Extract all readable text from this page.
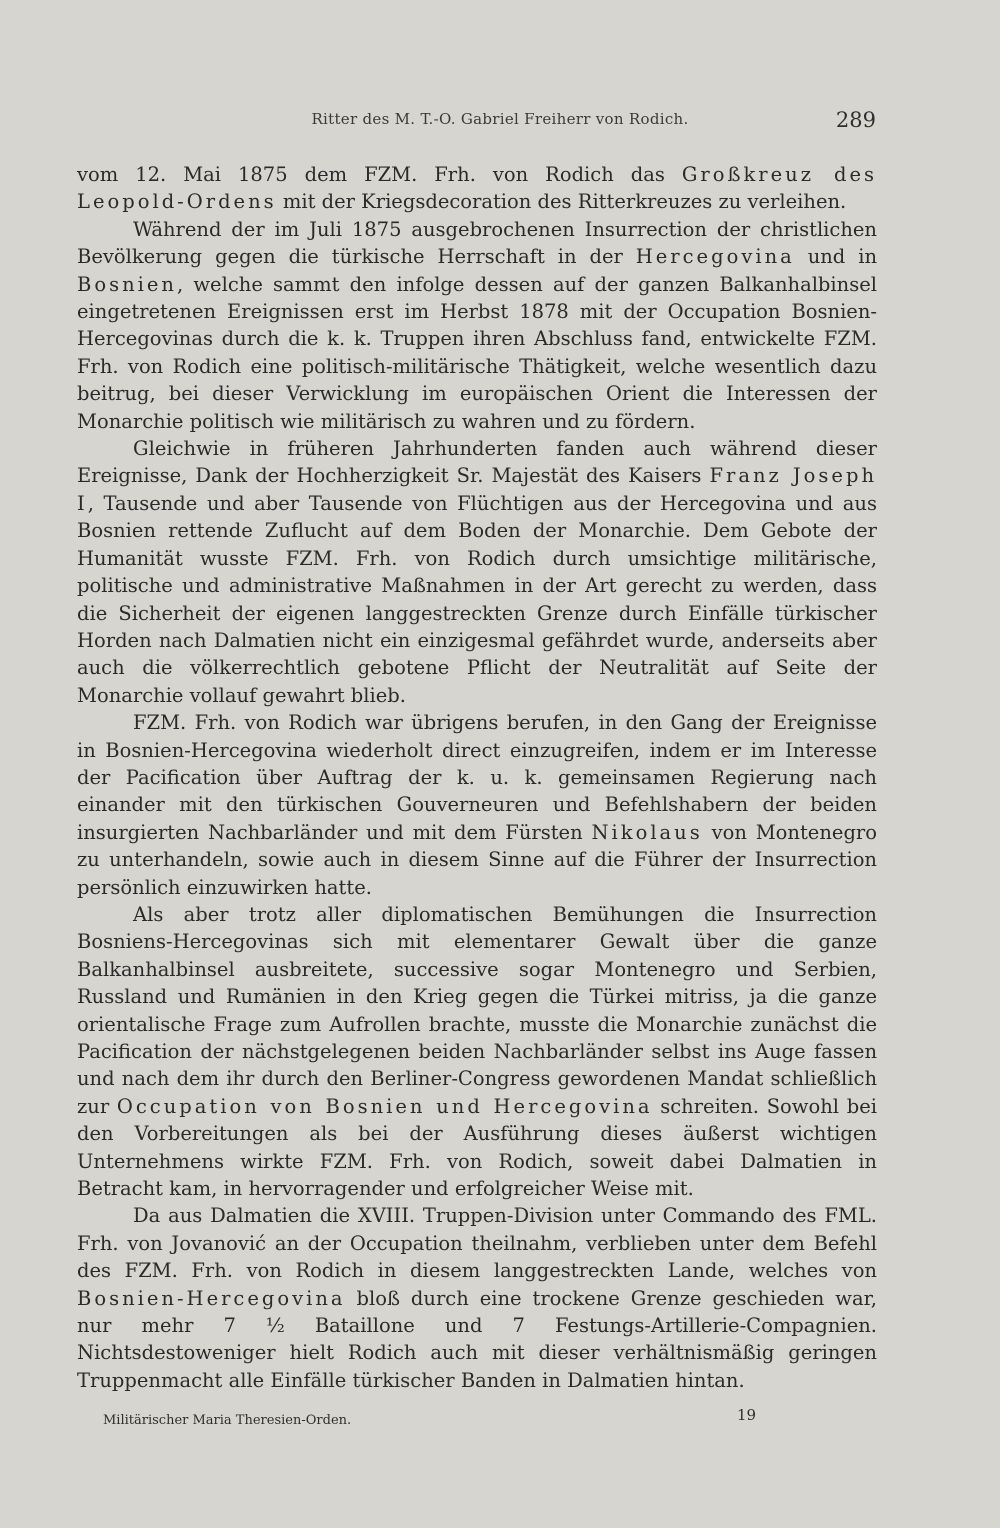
Ritter des M. T.-O. Gabriel Freiherr von Rodich.	289

vom 12. Mai 1875 dem FZM. Frh. von Rodich das Großkreuz des Leopold-Ordens mit der Kriegsdecoration des Ritterkreuzes zu verleihen.

Während der im Juli 1875 ausgebrochenen Insurrection der christlichen Bevölkerung gegen die türkische Herrschaft in der Hercegovina und in Bosnien, welche sammt den infolge dessen auf der ganzen Balkanhalbinsel eingetretenen Ereignissen erst im Herbst 1878 mit der Occupation Bosnien-Hercegovinas durch die k. k. Truppen ihren Abschluss fand, entwickelte FZM. Frh. von Rodich eine politisch-militärische Thätigkeit, welche wesentlich dazu beitrug, bei dieser Verwicklung im europäischen Orient die Interessen der Monarchie politisch wie militärisch zu wahren und zu fördern.

Gleichwie in früheren Jahrhunderten fanden auch während dieser Ereignisse, Dank der Hochherzigkeit Sr. Majestät des Kaisers Franz Joseph I, Tausende und aber Tausende von Flüchtigen aus der Hercegovina und aus Bosnien rettende Zuflucht auf dem Boden der Monarchie. Dem Gebote der Humanität wusste FZM. Frh. von Rodich durch umsichtige militärische, politische und administrative Maßnahmen in der Art gerecht zu werden, dass die Sicherheit der eigenen langgestreckten Grenze durch Einfälle türkischer Horden nach Dalmatien nicht ein einzigesmal gefährdet wurde, anderseits aber auch die völkerrechtlich gebotene Pflicht der Neutralität auf Seite der Monarchie vollauf gewahrt blieb.

FZM. Frh. von Rodich war übrigens berufen, in den Gang der Ereignisse in Bosnien-Hercegovina wiederholt direct einzugreifen, indem er im Interesse der Pacification über Auftrag der k. u. k. gemeinsamen Regierung nach einander mit den türkischen Gouverneuren und Befehlshabern der beiden insurgierten Nachbarländer und mit dem Fürsten Nikolaus von Montenegro zu unterhandeln, sowie auch in diesem Sinne auf die Führer der Insurrection persönlich einzuwirken hatte.

Als aber trotz aller diplomatischen Bemühungen die Insurrection Bosniens-Hercegovinas sich mit elementarer Gewalt über die ganze Balkanhalbinsel ausbreitete, successive sogar Montenegro und Serbien, Russland und Rumänien in den Krieg gegen die Türkei mitriss, ja die ganze orientalische Frage zum Aufrollen brachte, musste die Monarchie zunächst die Pacification der nächstgelegenen beiden Nachbarländer selbst ins Auge fassen und nach dem ihr durch den Berliner-Congress gewordenen Mandat schließlich zur Occupation von Bosnien und Hercegovina schreiten. Sowohl bei den Vorbereitungen als bei der Ausführung dieses äußerst wichtigen Unternehmens wirkte FZM. Frh. von Rodich, soweit dabei Dalmatien in Betracht kam, in hervorragender und erfolgreicher Weise mit.

Da aus Dalmatien die XVIII. Truppen-Division unter Commando des FML. Frh. von Jovanović an der Occupation theilnahm, verblieben unter dem Befehl des FZM. Frh. von Rodich in diesem langgestreckten Lande, welches von Bosnien-Hercegovina bloß durch eine trockene Grenze geschieden war, nur mehr 7 ½ Bataillone und 7 Festungs-Artillerie-Compagnien. Nichtsdestoweniger hielt Rodich auch mit dieser verhältnismäßig geringen Truppenmacht alle Einfälle türkischer Banden in Dalmatien hintan.

Militärischer Maria Theresien-Orden.	19
